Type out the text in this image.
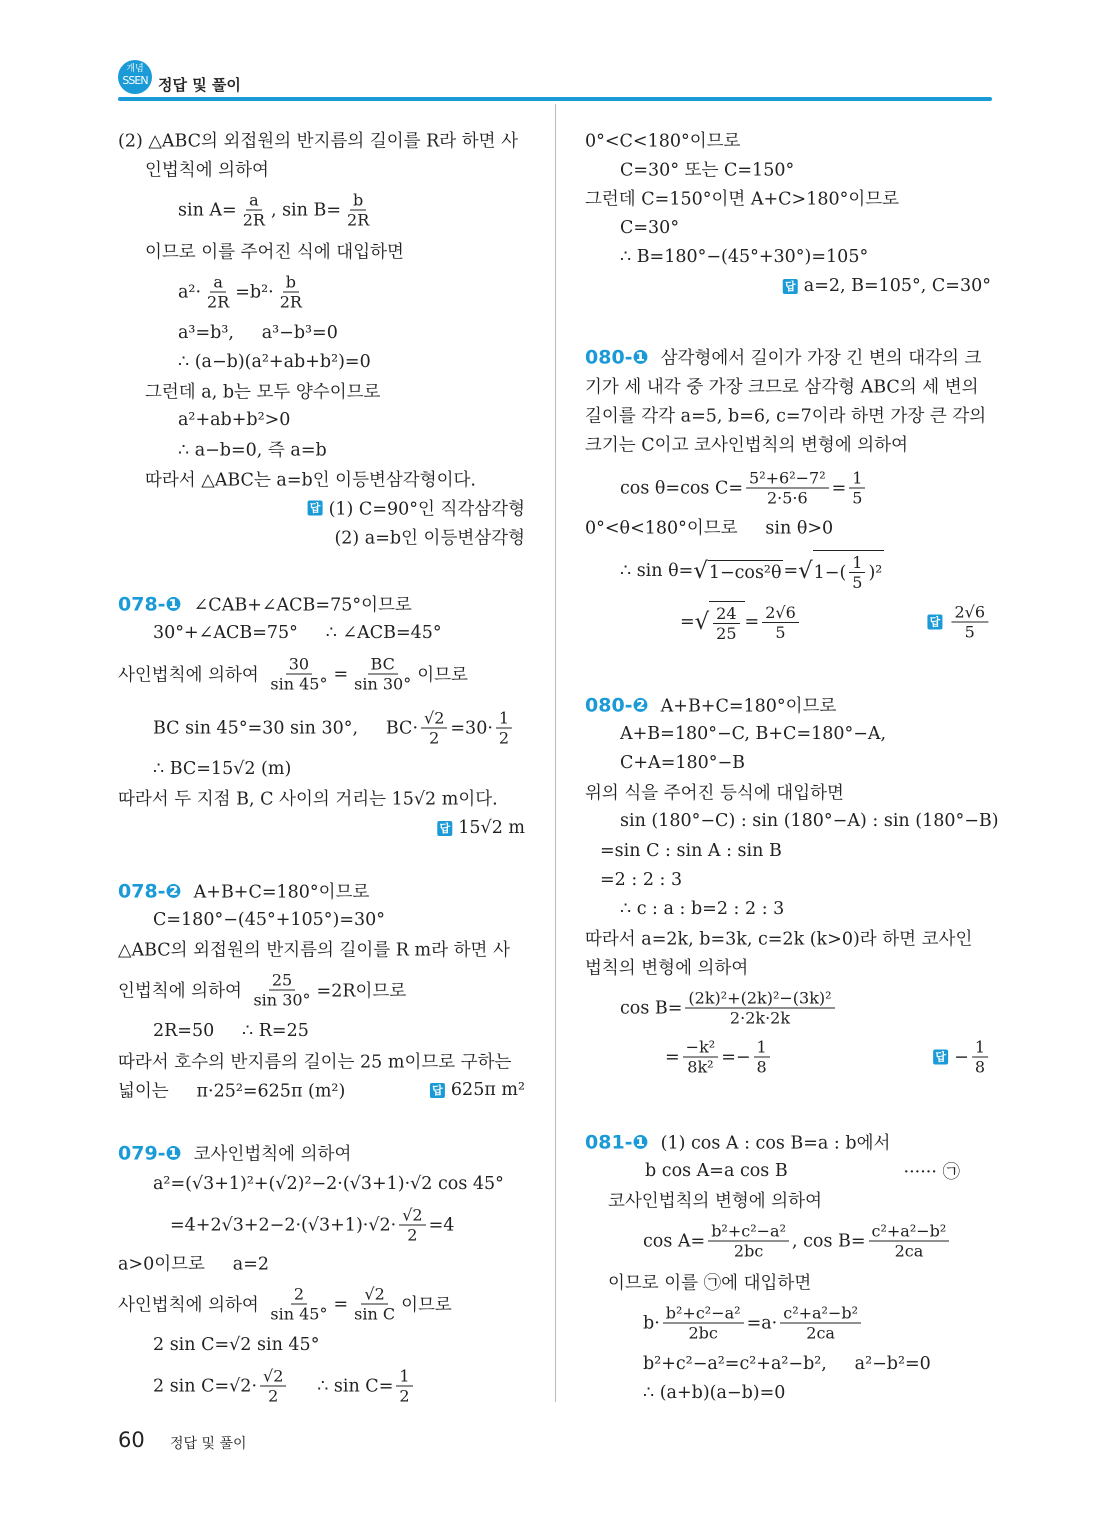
개념
SSEN 정답 및 풀이
(2) △ABC의 외접원의 반지름의 길이를 R라 하면 사
인법칙에 의하여
$\sin A= \frac{a}{2R}$ , $\sin B= \frac{b}{2R}$
이므로 이를 주어진 식에 대입하면
$a^2\cdot \frac{a}{2R} =b^2\cdot \frac{b}{2R}$
a³=b³,     a³−b³=0
∴ (a−b)(a²+ab+b²)=0
그런데 a, b는 모두 양수이므로
a²+ab+b²>0
∴ a−b=0, 즉 a=b
따라서 △ABC는 a=b인 이등변삼각형이다.
답 (1) C=90°인 직각삼각형
(2) a=b인 이등변삼각형
078-❶ ∠CAB+∠ACB=75°이므로
30°+∠ACB=75°     ∴ ∠ACB=45°
사인법칙에 의하여 $\frac{30}{\sin 45^\circ} = \frac{BC}{\sin 30^\circ}$ 이므로
BC sin 45°=30 sin 30°,     $BC\cdot \frac{√2}{2} =30\cdot \frac{1}{2}$
∴ BC=15√2 (m)
따라서 두 지점 B, C 사이의 거리는 15√2 m이다.
답 15√2 m
078-❷ A+B+C=180°이므로
C=180°−(45°+105°)=30°
△ABC의 외접원의 반지름의 길이를 R m라 하면 사
인법칙에 의하여 $\frac{25}{\sin 30^\circ} =2R$이므로
2R=50     ∴ R=25
따라서 호수의 반지름의 길이는 25 m이므로 구하는
넓이는     π·25²=625π (m²)	답 625π m²
079-❶ 코사인법칙에 의하여
a²=(√3+1)²+(√2)²−2·(√3+1)·√2 cos 45°
$=4+2√3+2-2\cdot(√3+1)\cdot√2\cdot \frac{√2}{2} =4$
a>0이므로     a=2
사인법칙에 의하여 $\frac{2}{\sin 45^\circ} = \frac{√2}{\text{sin C}}$ 이므로
2 sin C=√2 sin 45°
2 $\sin C=√2\cdot \frac{√2}{2}$ ∴ $\sin C= \frac{1}{2}$
0°<C<180°이므로
C=30° 또는 C=150°
그런데 C=150°이면 A+C>180°이므로
C=30°
∴ B=180°−(45°+30°)=105°
답 a=2, B=105°, C=30°
080-❶ 삼각형에서 길이가 가장 긴 변의 대각의 크
기가 세 내각 중 가장 크므로 삼각형 ABC의 세 변의
길이를 각각 a=5, b=6, c=7이라 하면 가장 큰 각의
크기는 C이고 코사인법칙의 변형에 의하여
cos θ=cos $C= \frac{\text{5²+6²−7²}}{2\cdot 5\cdot 6} = \frac{1}{5}$
0°<θ<180°이므로     sin θ>0
∴ sin θ= √ 1−cos²θ = √ $1-( \frac{1}{5} )^2$
= √ $\frac{24}{25} = \frac{2√6}{5}$	답 $\frac{2√6}{5}$
080-❷ A+B+C=180°이므로
A+B=180°−C, B+C=180°−A,
C+A=180°−B
위의 식을 주어진 등식에 대입하면
sin (180°−C) : sin (180°−A) : sin (180°−B)
=sin C : sin A : sin B
=2 : 2 : 3
∴ c : a : b=2 : 2 : 3
따라서 a=2k, b=3k, c=2k (k>0)라 하면 코사인
법칙의 변형에 의하여
$\cos B= \frac{\text{(2k)²+(2k)²−(3k)²}}{2\cdot 2k\cdot 2k}$
= $\frac{\text{−k²}}{\text{8k²}} =- \frac{1}{8}$	답 − $\frac{1}{8}$
081-❶ (1) cos A : cos B=a : b에서
b cos A=a cos B	······ ㉠
코사인법칙의 변형에 의하여
$\cos A= \frac{\text{b²+c²−a²}}{2bc}$ , $\cos B= \frac{\text{c²+a²−b²}}{2ca}$
이므로 이를 ㉠에 대입하면
$b\cdot \frac{\text{b²+c²−a²}}{2bc} =a\cdot \frac{\text{c²+a²−b²}}{2ca}$
b²+c²−a²=c²+a²−b²,     a²−b²=0
∴ (a+b)(a−b)=0
60 정답 및 풀이
